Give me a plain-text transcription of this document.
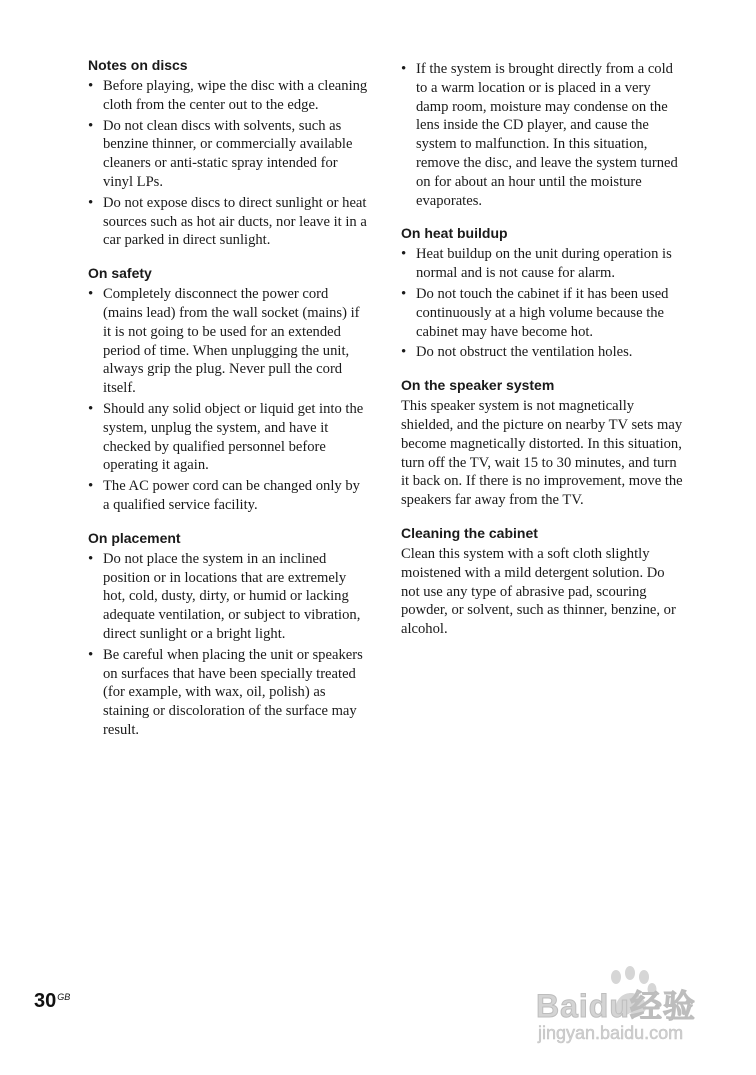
Notes on discs
• Before playing, wipe the disc with a cleaning cloth from the center out to the edge.
• Do not clean discs with solvents, such as benzine thinner, or commercially available cleaners or anti-static spray intended for vinyl LPs.
• Do not expose discs to direct sunlight or heat sources such as hot air ducts, nor leave it in a car parked in direct sunlight.
On safety
• Completely disconnect the power cord (mains lead) from the wall socket (mains) if it is not going to be used for an extended period of time. When unplugging the unit, always grip the plug. Never pull the cord itself.
• Should any solid object or liquid get into the system, unplug the system, and have it checked by qualified personnel before operating it again.
• The AC power cord can be changed only by a qualified service facility.
On placement
• Do not place the system in an inclined position or in locations that are extremely hot, cold, dusty, dirty, or humid or lacking adequate ventilation, or subject to vibration, direct sunlight or a bright light.
• Be careful when placing the unit or speakers on surfaces that have been specially treated (for example, with wax, oil, polish) as staining or discoloration of the surface may result.
• If the system is brought directly from a cold to a warm location or is placed in a very damp room, moisture may condense on the lens inside the CD player, and cause the system to malfunction. In this situation, remove the disc, and leave the system turned on for about an hour until the moisture evaporates.
On heat buildup
• Heat buildup on the unit during operation is normal and is not cause for alarm.
• Do not touch the cabinet if it has been used continuously at a high volume because the cabinet may have become hot.
• Do not obstruct the ventilation holes.
On the speaker system

This speaker system is not magnetically shielded, and the picture on nearby TV sets may become magnetically distorted. In this situation, turn off the TV, wait 15 to 30 minutes, and turn it back on. If there is no improvement, move the speakers far away from the TV.

Cleaning the cabinet

Clean this system with a soft cloth slightly moistened with a mild detergent solution. Do not use any type of abrasive pad, scouring powder, or solvent, such as thinner, benzine, or alcohol.

$30^{GB}$	Baidu经验
jingyan.baidu.com
